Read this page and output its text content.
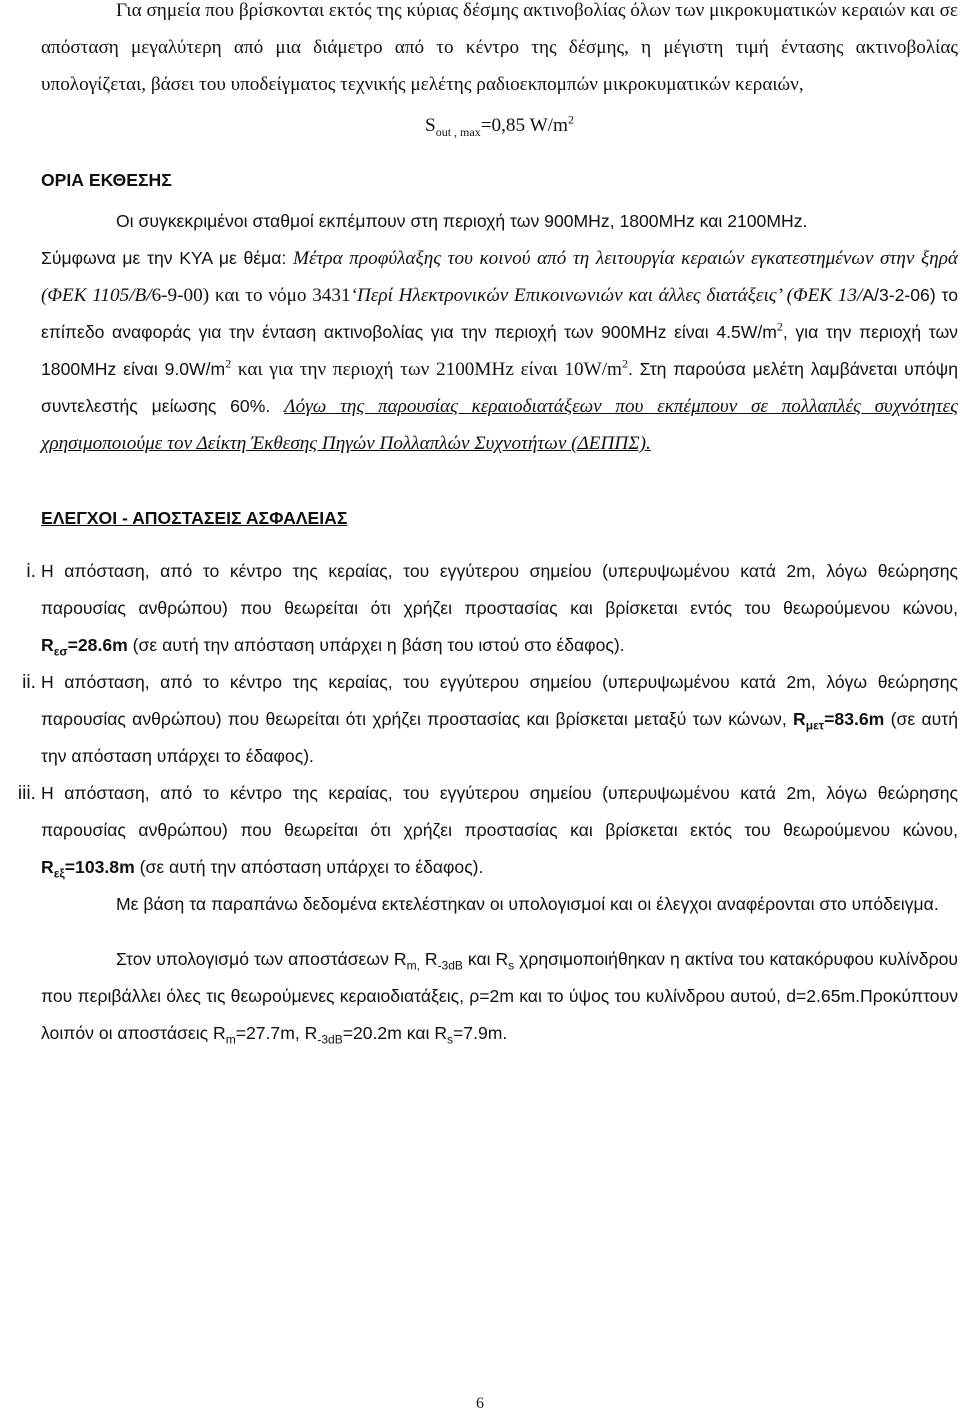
Για σημεία που βρίσκονται εκτός της κύριας δέσμης ακτινοβολίας όλων των μικροκυματικών κεραιών και σε απόσταση μεγαλύτερη από μια διάμετρο από το κέντρο της δέσμης, η μέγιστη τιμή έντασης ακτινοβολίας υπολογίζεται, βάσει του υποδείγματος τεχνικής μελέτης ραδιοεκπομπών μικροκυματικών κεραιών,

$S_{out , max}=0,85$ $W/m^2$

ΟΡΙΑ ΕΚΘΕΣΗΣ

Οι συγκεκριμένοι σταθμοί εκπέμπουν στη περιοχή των 900MHz, 1800MHz και 2100MHz.

Σύμφωνα με την ΚΥΑ με θέμα: Μέτρα προφύλαξης του κοινού από τη λειτουργία κεραιών εγκατεστημένων στην ξηρά (ΦΕΚ 1105/Β/6-9-00) και το νόμο 3431‘Περί Ηλεκτρονικών Επικοινωνιών και άλλες διατάξεις’ (ΦΕΚ 13/Α/3-2-06) το επίπεδο αναφοράς για την ένταση ακτινοβολίας για την περιοχή των 900MHz είναι $4.5W/m^2$, για την περιοχή των 1800MHz είναι $9.0W/m^2$ και για την περιοχή των 2100MHz είναι $10W/m^2$. Στη παρούσα μελέτη λαμβάνεται υπόψη συντελεστής μείωσης 60%. Λόγω της παρουσίας κεραιοδιατάξεων που εκπέμπουν σε πολλαπλές συχνότητες χρησιμοποιούμε τον Δείκτη Έκθεσης Πηγών Πολλαπλών Συχνοτήτων (ΔΕΠΠΣ).

ΕΛΕΓΧΟΙ - ΑΠΟΣΤΑΣΕΙΣ ΑΣΦΑΛΕΙΑΣ

i. Η απόσταση, από το κέντρο της κεραίας, του εγγύτερου σημείου (υπερυψωμένου κατά 2m, λόγω θεώρησης παρουσίας ανθρώπου) που θεωρείται ότι χρήζει προστασίας και βρίσκεται εντός του θεωρούμενου κώνου, $R_{\varepsilon\sigma}=28.6m$ (σε αυτή την απόσταση υπάρχει η βάση του ιστού στο έδαφος).

ii. Η απόσταση, από το κέντρο της κεραίας, του εγγύτερου σημείου (υπερυψωμένου κατά 2m, λόγω θεώρησης παρουσίας ανθρώπου) που θεωρείται ότι χρήζει προστασίας και βρίσκεται μεταξύ των κώνων, $R_{\mu\varepsilon\tau}=83.6m$ (σε αυτή την απόσταση υπάρχει το έδαφος).

iii. Η απόσταση, από το κέντρο της κεραίας, του εγγύτερου σημείου (υπερυψωμένου κατά 2m, λόγω θεώρησης παρουσίας ανθρώπου) που θεωρείται ότι χρήζει προστασίας και βρίσκεται εκτός του θεωρούμενου κώνου, $R_{\varepsilon\xi}=103.8m$ (σε αυτή την απόσταση υπάρχει το έδαφος).

Με βάση τα παραπάνω δεδομένα εκτελέστηκαν οι υπολογισμοί και οι έλεγχοι αναφέρονται στο υπόδειγμα.

Στον υπολογισμό των αποστάσεων $R_{m,}$ $R_{-3dB}$ και $R_s$ χρησιμοποιήθηκαν η ακτίνα του κατακόρυφου κυλίνδρου που περιβάλλει όλες τις θεωρούμενες κεραιοδιατάξεις, ρ=2m και το ύψος του κυλίνδρου αυτού, d=2.65m.Προκύπτουν λοιπόν οι αποστάσεις $R_m=27.7m$, $R_{-3dB}=20.2m$ και $R_s=7.9m$.

6
